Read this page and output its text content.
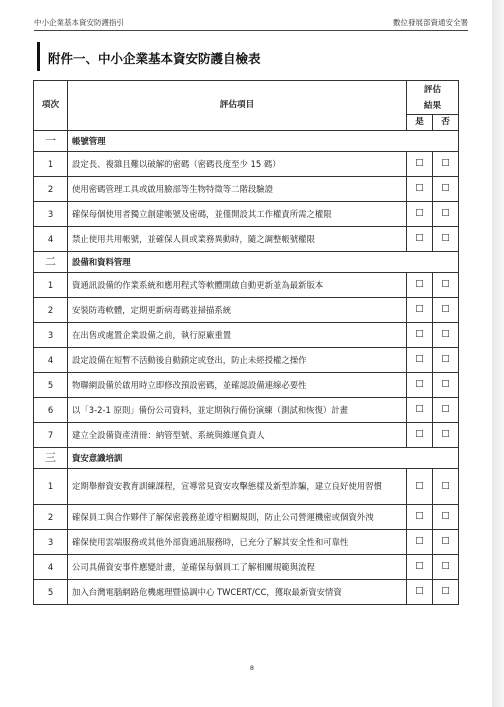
中小企業基本資安防護指引	數位發展部資通安全署
附件一、中小企業基本資安防護自檢表
項次	評估項目	評估	
		結果	
		是	否
一	帳號管理		
1	設定長、複雜且難以破解的密碼（密碼長度至少 15 碼）	☐	☐
2	使用密碼管理工具或啟用臉部等生物特徵等二階段驗證	☐	☐
3	確保每個使用者獨立創建帳號及密碼，並僅開設其工作權責所需之權限	☐	☐
4	禁止使用共用帳號，並確保人員或業務異動時，隨之調整帳號權限	☐	☐
二	設備和資料管理		
1	資通訊設備的作業系統和應用程式等軟體開啟自動更新並為最新版本	☐	☐
2	安裝防毒軟體，定期更新病毒碼並掃描系統	☐	☐
3	在出售或處置企業設備之前，執行原廠重置	☐	☐
4	設定設備在短暫不活動後自動鎖定或登出，防止未經授權之操作	☐	☐
5	物聯網設備於啟用時立即修改預設密碼，並確認設備連線必要性	☐	☐
6	以「3-2-1 原則」備份公司資料，並定期執行備份演練（測試和恢復）計畫	☐	☐
7	建立全設備資產清冊：納管型號、系統與維運負責人	☐	☐
三	資安意識培訓		
1	定期舉辦資安教育訓練課程，宣導常見資安攻擊態樣及新型詐騙，建立良好使用習慣	☐	☐
2	確保員工與合作夥伴了解保密義務並遵守相關規則，防止公司營運機密或個資外洩	☐	☐
3	確保使用雲端服務或其他外部資通訊服務時，已充分了解其安全性和可靠性	☐	☐
4	公司具備資安事件應變計畫，並確保每個員工了解相關規範與流程	☐	☐
5	加入台灣電腦網路危機處理暨協調中心 TWCERT/CC，獲取最新資安情資	☐	☐
8
